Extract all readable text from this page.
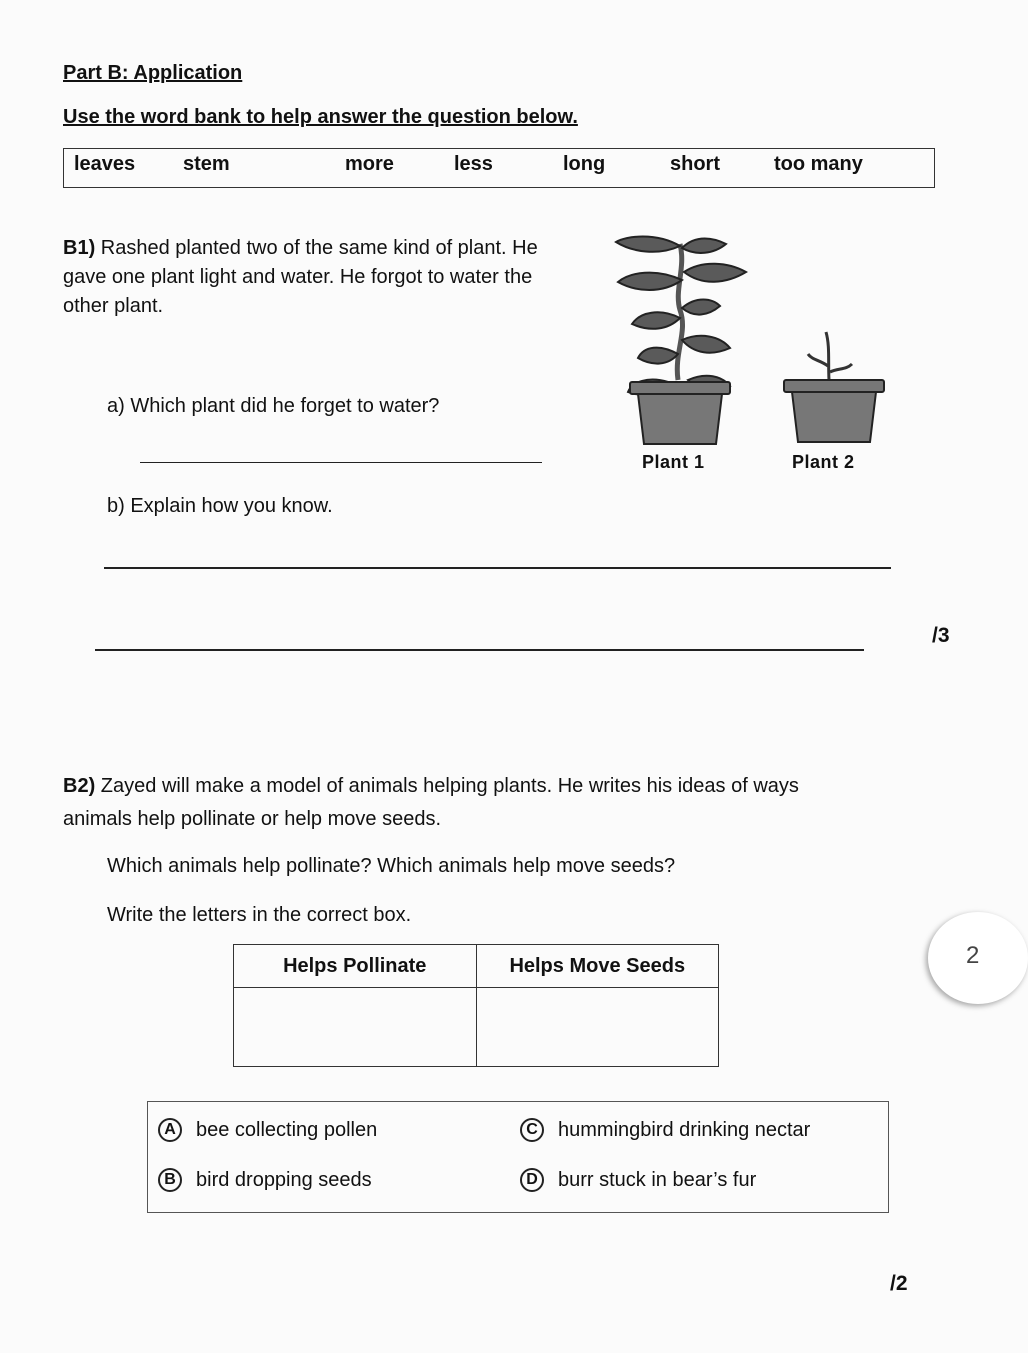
Part B: Application
Use the word bank to help answer the question below.
leaves stem	more	less	long	short	too many
B1) Rashed planted two of the same kind of plant. He
gave one plant light and water. He forgot to water the
other plant.
a) Which plant did he forget to water?
Plant 1	Plant 2
b) Explain how you know.
/3
B2) Zayed will make a model of animals helping plants. He writes his ideas of ways
animals help pollinate or help move seeds.
Which animals help pollinate? Which animals help move seeds?
Write the letters in the correct box.
Helps Pollinate	Helps Move Seeds

A	bee collecting pollen	C	hummingbird drinking nectar
B	bird dropping seeds	D	burr stuck in bear’s fur
/2
2
